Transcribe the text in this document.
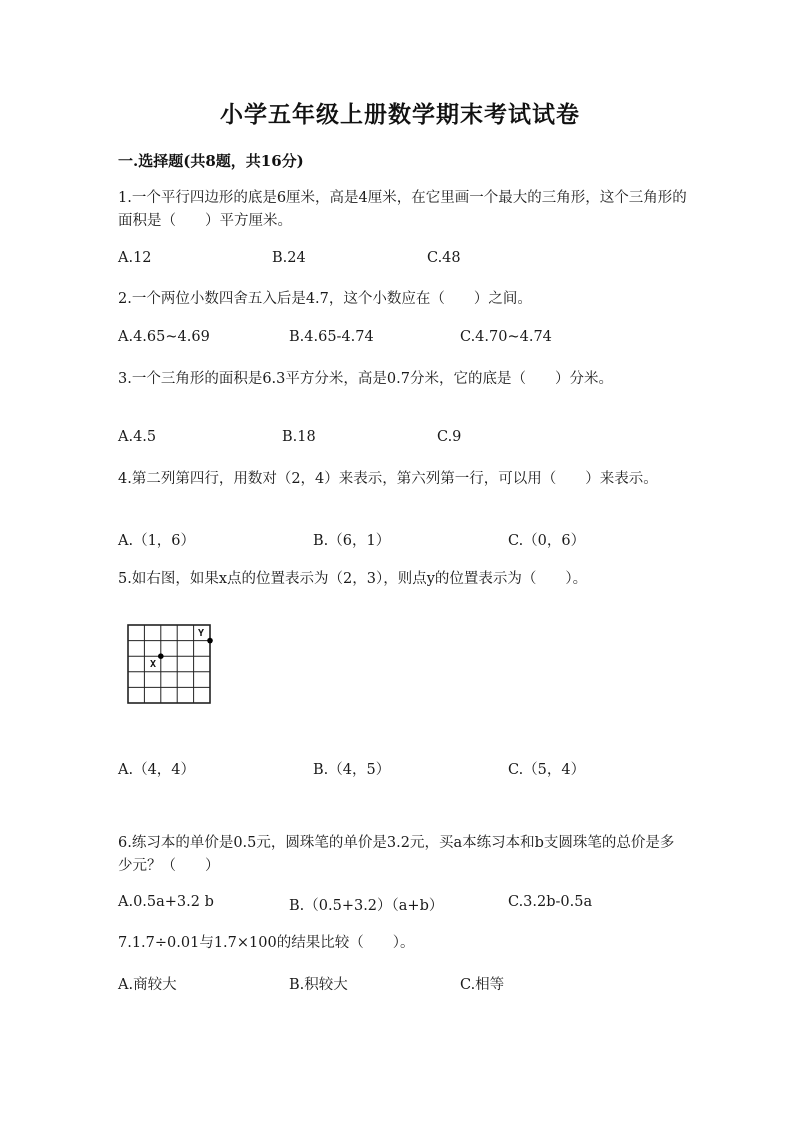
小学五年级上册数学期末考试试卷
一.选择题(共8题，共16分)
1.一个平行四边形的底是6厘米，高是4厘米，在它里画一个最大的三角形，这个三角形的面积是（　　）平方厘米。
A.12	B.24	C.48
2.一个两位小数四舍五入后是4.7，这个小数应在（　　）之间。
A.4.65~4.69	B.4.65-4.74	C.4.70~4.74
3.一个三角形的面积是6.3平方分米，高是0.7分米，它的底是（　　）分米。
A.4.5	B.18	C.9
4.第二列第四行，用数对（2，4）来表示，第六列第一行，可以用（　　）来表示。
A.（1，6）	B.（6，1）	C.（0，6）
5.如右图，如果x点的位置表示为（2，3），则点y的位置表示为（　　）。
X
Y
A.（4，4）	B.（4，5）	C.（5，4）
6.练习本的单价是0.5元，圆珠笔的单价是3.2元，买a本练习本和b支圆珠笔的总价是多少元？（　　）
A.0.5a+3.2 b	B.（0.5+3.2）（a+b）	C.3.2b-0.5a
7.1.7÷0.01与1.7×100的结果比较（　　）。
A.商较大	B.积较大	C.相等
